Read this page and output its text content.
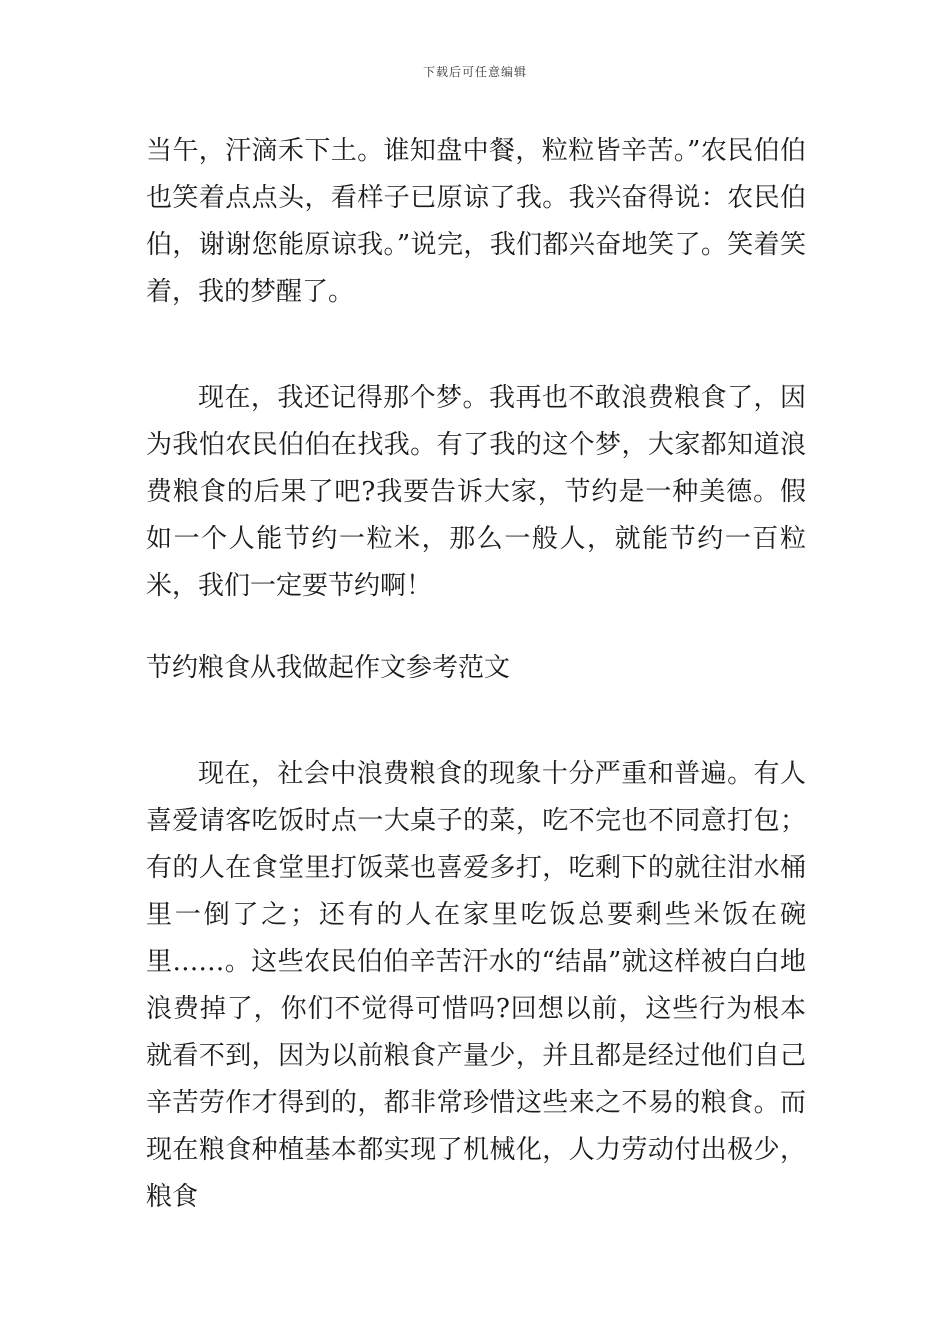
下载后可任意编辑

当午，汗滴禾下土。谁知盘中餐，粒粒皆辛苦。”农民伯伯也笑着点点头，看样子已原谅了我。我兴奋得说：农民伯伯，谢谢您能原谅我。”说完，我们都兴奋地笑了。笑着笑着，我的梦醒了。

现在，我还记得那个梦。我再也不敢浪费粮食了，因为我怕农民伯伯在找我。有了我的这个梦，大家都知道浪费粮食的后果了吧?我要告诉大家，节约是一种美德。假如一个人能节约一粒米，那么一般人，就能节约一百粒米，我们一定要节约啊！

节约粮食从我做起作文参考范文

现在，社会中浪费粮食的现象十分严重和普遍。有人喜爱请客吃饭时点一大桌子的菜，吃不完也不同意打包；有的人在食堂里打饭菜也喜爱多打，吃剩下的就往泔水桶里一倒了之；还有的人在家里吃饭总要剩些米饭在碗里……。这些农民伯伯辛苦汗水的“结晶”就这样被白白地浪费掉了，你们不觉得可惜吗?回想以前，这些行为根本就看不到，因为以前粮食产量少，并且都是经过他们自己辛苦劳作才得到的，都非常珍惜这些来之不易的粮食。而现在粮食种植基本都实现了机械化，人力劳动付出极少，粮食
